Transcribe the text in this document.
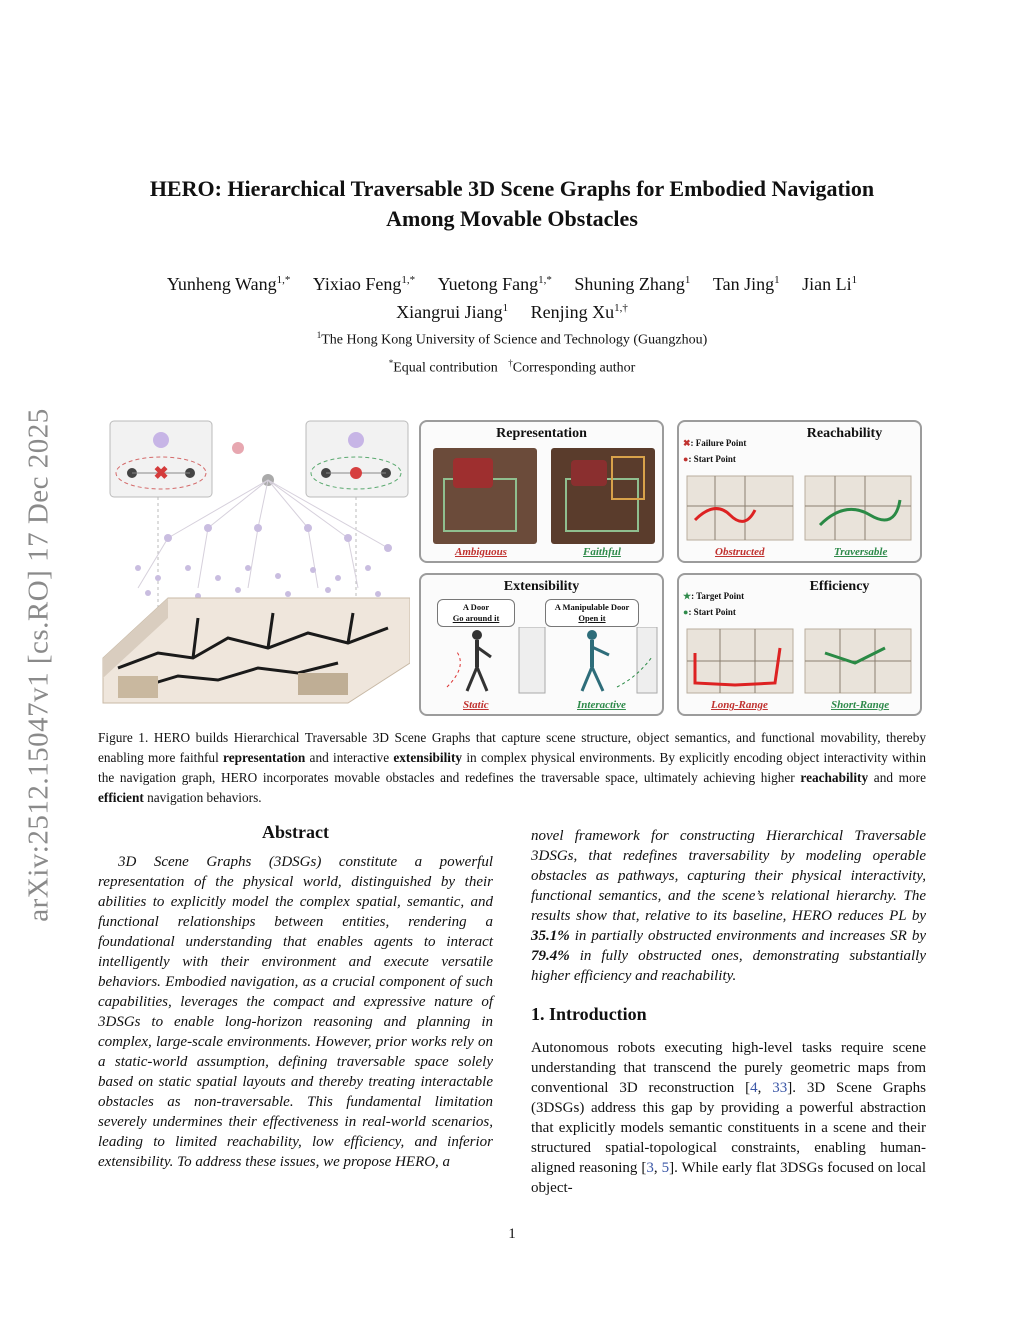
arXiv:2512.15047v1 [cs.RO] 17 Dec 2025
HERO: Hierarchical Traversable 3D Scene Graphs for Embodied Navigation
Among Movable Obstacles
Yunheng Wang$^{1,*}$ Yixiao Feng$^{1,*}$ Yuetong Fang$^{1,*}$ Shuning Zhang$^1$ Tan Jing$^1$ Jian Li$^1$
Xiangrui Jiang$^1$ Renjing $Xu^{1,\dagger}$
$^1$The Hong Kong University of Science and Technology (Guangzhou)
*Equal contribution †Corresponding author
✖
Representation
Ambiguous	Faithful
Reachability
✖: Failure Point
●: Start Point
Obstructed	Traversable
Extensibility
A Door
Go around it
A Manipulable Door
Open it
Static	Interactive
Efficiency
★: Target Point
●: Start Point
Long-Range	Short-Range
Figure 1. HERO builds Hierarchical Traversable 3D Scene Graphs that capture scene structure, object semantics, and functional movability, thereby enabling more faithful representation and interactive extensibility in complex physical environments. By explicitly encoding object interactivity within the navigation graph, HERO incorporates movable obstacles and redefines the traversable space, ultimately achieving higher reachability and more efficient navigation behaviors.
Abstract

3D Scene Graphs (3DSGs) constitute a powerful representation of the physical world, distinguished by their abilities to explicitly model the complex spatial, semantic, and functional relationships between entities, rendering a foundational understanding that enables agents to interact intelligently with their environment and execute versatile behaviors. Embodied navigation, as a crucial component of such capabilities, leverages the compact and expressive nature of 3DSGs to enable long-horizon reasoning and planning in complex, large-scale environments. However, prior works rely on a static-world assumption, defining traversable space solely based on static spatial layouts and thereby treating interactable obstacles as non-traversable. This fundamental limitation severely undermines their effectiveness in real-world scenarios, leading to limited reachability, low efficiency, and inferior extensibility. To address these issues, we propose HERO, a

novel framework for constructing Hierarchical Traversable 3DSGs, that redefines traversability by modeling operable obstacles as pathways, capturing their physical interactivity, functional semantics, and the scene’s relational hierarchy. The results show that, relative to its baseline, HERO reduces PL by 35.1% in partially obstructed environments and increases SR by 79.4% in fully obstructed ones, demonstrating substantially higher efficiency and reachability.

1. Introduction

Autonomous robots executing high-level tasks require scene understanding that transcend the purely geometric maps from conventional 3D reconstruction [4, 33]. 3D Scene Graphs (3DSGs) address this gap by providing a powerful abstraction that explicitly models semantic constituents in a scene and their structured spatial-topological constraints, enabling human-aligned reasoning [3, 5]. While early flat 3DSGs focused on local object-

1
